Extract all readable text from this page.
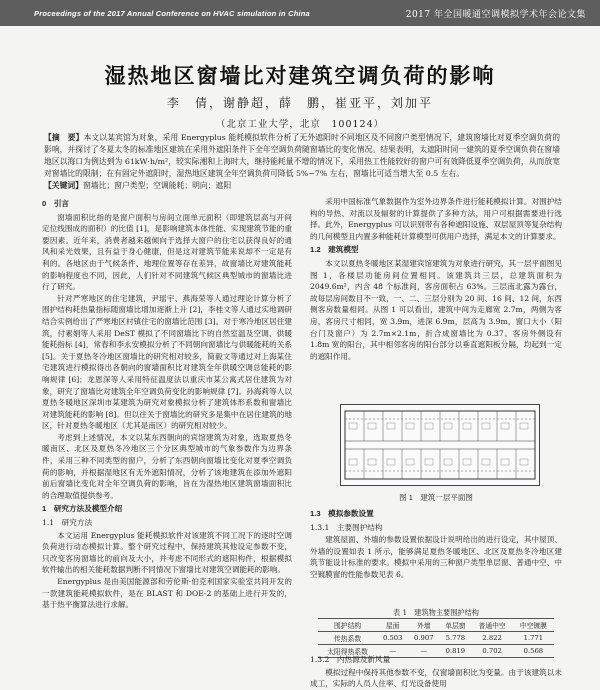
Proceedings of the 2017 Annual Conference on HVAC simulation in China	2017 年全国暖通空调模拟学术年会论文集
湿热地区窗墙比对建筑空调负荷的影响
李　倩，谢静超，薛　鹏，崔亚平，刘加平
（北京工业大学，北京　100124）
【摘　要】本文以某宾馆为对象，采用 Energyplus 能耗模拟软件分析了无外遮阳时不同地区及不同窗户类型情况下，建筑窗墙比对夏季空调负荷的影响，并探讨了冬夏太冬的标准地区建筑在采用外遮阳条件下全年空调负荷随窗墙比的变化情况。结果表明，太遮阳时同一建筑的夏季空调负荷在窗墙地区以海口为例达到为 61kW·h/m²，较实际湘和上海时大，继持能耗量不增的情况下，采用热工性能较好的窗户可有效降低夏季空调负荷，从而放宽对窗墙比的限制；在有固定外遮阳时，湿热地区建筑全年空调负荷可降低 5%~7% 左右，窗墙比可适当增大至 0.5 左右。
【关键词】窗墙比；窗户类型；空调能耗；明向；遮阳

0　引言

窗墙面积比指的是窗户面积与房间立面单元面积（即建筑层高与开间定位线围成的面积）的比值 [1]，是影响建筑本体性能、实现建筑节能的重要因素。近年来，消费者越来越倾向于选择大窗户的住宅以获得良好的通风和采光效果，且有益于身心健康，但是这对建筑节能来说却不一定是有利的。各地区由于气候条件、地理位置等存在差异，故窗墙比对建筑能耗的影响程度也不同，因此，人们针对不同建筑气候区典型城市的窗墙比进行了研究。

针对严寒地区的住宅建筑，尹瑶宇、燕海荣等人通过理论计算分析了围护结构耗热量指标随窗墙比增加逐渐上升 [2]，李桂文等人通过实地调研结合实例给出了严寒地区村镇住宅的窗墙比范围 [3]。对于寒冷地区居住建筑，付素娟等人采用 DeST 模拟了不同窗墙比下的自然室温及空调、供暖能耗指标 [4]，常春和李永安模拟分析了不同朝向窗墙比与供暖能耗的关系 [5]。关于夏热冬冷地区窗墙比的研究相对较多，简毅文等通过对上海某住宅建筑进行模拟得出各朝向的窗墙面积比对建筑全年供暖空调总能耗的影响规律 [6]；龙恩深等人采用特征温度法以重庆市某公寓式居住建筑为对象，研究了窗墙比对建筑全年空调负荷变化的影响规律 [7]。孙海莉等人以夏热冬暖地区深圳市某建筑为研究对象模拟分析了建筑体形系数和窗墙比对建筑能耗的影响 [8]。但以往关于窗墙比的研究多是集中在居住建筑的地区，针对夏热冬暖地区（尤其是南区）的研究相对较少。

考虑到上述情况，本文以某东西朝向的宾馆建筑为对象，选取夏热冬暖南区、北区及夏热冬冷地区三个分区典型城市的气象参数作为边界条件，采用三种不同类型的窗户，分析了东西朝向窗墙比变化对夏季空调负荷的影响，并根据湿地区有无外遮阳情况，分析了该地建筑在添加外遮阳前后窗墙比变化对全年空调负荷的影响，旨在为湿热地区建筑窗墙面积比的合理取值提供参考。

1　研究方法及模型介绍

1.1　研究方法

本文运用 Energyplus 能耗模拟软件对该建筑不同工况下的逐时空调负荷进行动态模拟计算。整个研究过程中，保持建筑其他设定参数不变，只改变客房窗墙比的前向及大小，并考虑不同形式的遮阳构件，根据模拟软件输出的相关能耗数据判断不同情况下窗墙比对建筑空调能耗的影响。

Energyplus 是由美国能源部和劳伦斯·伯克利国家实验室共同开发的一款建筑能耗模拟软件，是在 BLAST 和 DOE-2 的基础上进行开发的，基于热平衡算法进行求解。

采用中国标准气象数据作为室外边界条件进行能耗模拟计算。对围护结构的导热、对流以及辐射的计算提供了多种方法，用户可根据需要进行选择。此外，Energyplus 可以识别带有各种遮阳设施、双层屋顶等复杂结构的几何模型且内置多种能耗计算模型可供用户选择，满足本文的计算要求。

1.2　建筑模型

本文以夏热冬暖地区某湿建宾馆建筑为对象进行研究，其一层平面图见图 1，各楼层功能房间位置相同。该建筑共三层，总建筑面积为 2049.6m²，内含 48 个标准间，客房面积占 63%。三层南北露为露台，故每层房间数目不一致，一、二、三层分别为 20 间、16 间、12 间，东西侧客房数量相同。从图 1 可以看出，建筑中间为走廊宽 2.7m，两侧为客房，客房尺寸相同，宽 3.9m，进深 6.9m，层高为 3.9m，窗口大小（阳台门及窗户）为 2.7m×2.1m，折合成窗墙比为 0.37。客房外侧设有 1.8m 宽的阳台，其中相邻客房的阳台部分以垂直遮阳板分隔，均起到一定的遮阳作用。

图 1　建筑一层平面图

1.3　模拟参数设置

1.3.1　主要围护结构

建筑屋面、外墙的参数设置依据设计说明给出的进行设定，其中屋顶、外墙的设置如表 1 所示，能够满足夏热冬暖地区、北区及夏热冬冷地区建筑节能设计标准的要求。模拟中采用的三种窗户类型单层窗、普通中空、中空镀膜窗的性能参数见表 6。

表 1　建筑物主要围护结构
围护结构	屋面	外墙	单层窗	普通中空	中空镀膜
传热系数	0.503	0.907	5.778	2.822	1.771
太阳得热系数	—	—	0.819	0.702	0.568

1.3.2　内热源及新风量

模拟过程中保持其他参数不变，仅窗墙面积比为变量。由于该建筑以未成工，实际的人员人住率、灯光设备使用
